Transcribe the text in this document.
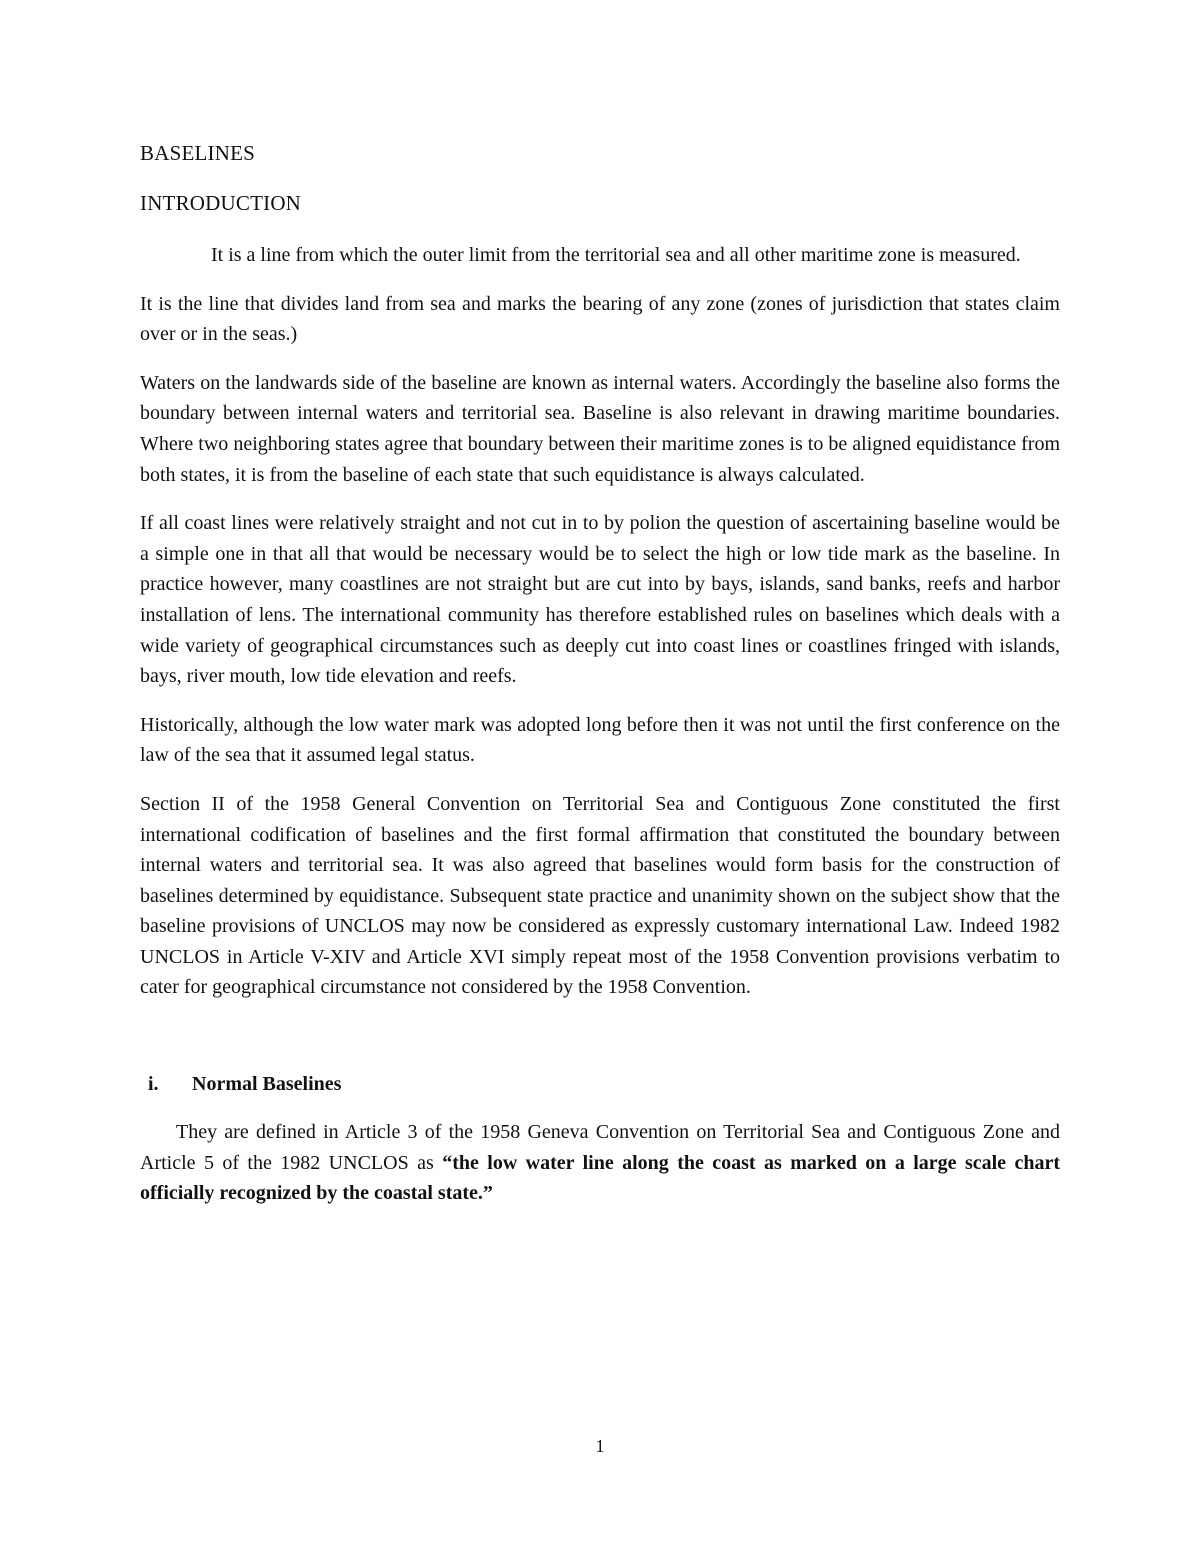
BASELINES
INTRODUCTION

It is a line from which the outer limit from the territorial sea and all other maritime zone is measured.

It is the line that divides land from sea and marks the bearing of any zone (zones of jurisdiction that states claim over or in the seas.)

Waters on the landwards side of the baseline are known as internal waters. Accordingly the baseline also forms the boundary between internal waters and territorial sea. Baseline is also relevant in drawing maritime boundaries. Where two neighboring states agree that boundary between their maritime zones is to be aligned equidistance from both states, it is from the baseline of each state that such equidistance is always calculated.

If all coast lines were relatively straight and not cut in to by polion the question of ascertaining baseline would be a simple one in that all that would be necessary would be to select the high or low tide mark as the baseline. In practice however, many coastlines are not straight but are cut into by bays, islands, sand banks, reefs and harbor installation of lens. The international community has therefore established rules on baselines which deals with a wide variety of geographical circumstances such as deeply cut into coast lines or coastlines fringed with islands, bays, river mouth, low tide elevation and reefs.

Historically, although the low water mark was adopted long before then it was not until the first conference on the law of the sea that it assumed legal status.

Section II of the 1958 General Convention on Territorial Sea and Contiguous Zone constituted the first international codification of baselines and the first formal affirmation that constituted the boundary between internal waters and territorial sea. It was also agreed that baselines would form basis for the construction of baselines determined by equidistance. Subsequent state practice and unanimity shown on the subject show that the baseline provisions of UNCLOS may now be considered as expressly customary international Law. Indeed 1982 UNCLOS in Article V-XIV and Article XVI simply repeat most of the 1958 Convention provisions verbatim to cater for geographical circumstance not considered by the 1958 Convention.

i.	Normal Baselines

They are defined in Article 3 of the 1958 Geneva Convention on Territorial Sea and Contiguous Zone and Article 5 of the 1982 UNCLOS as “the low water line along the coast as marked on a large scale chart officially recognized by the coastal state.”

1
